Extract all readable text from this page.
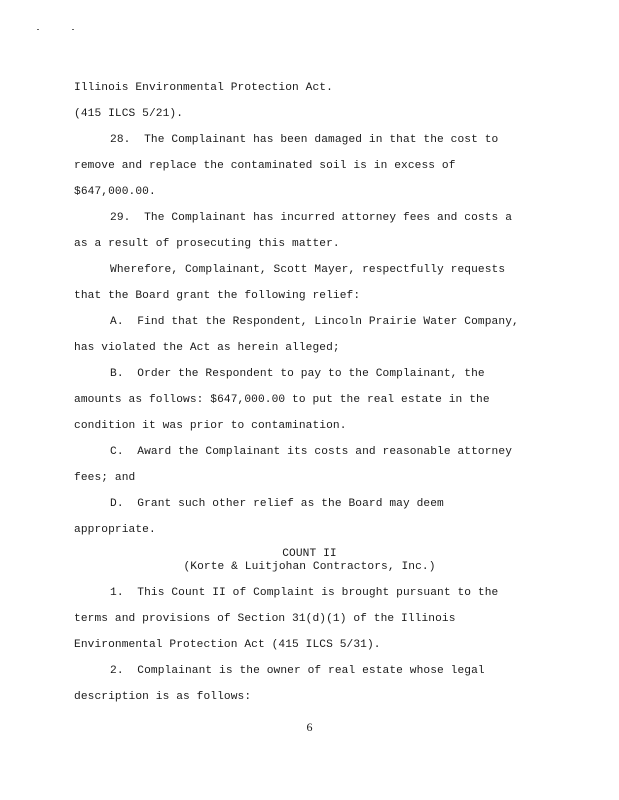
Illinois Environmental Protection Act.
(415 ILCS 5/21).
28.  The Complainant has been damaged in that the cost to
remove and replace the contaminated soil is in excess of
$647,000.00.
29.  The Complainant has incurred attorney fees and costs a
as a result of prosecuting this matter.
Wherefore, Complainant, Scott Mayer, respectfully requests
that the Board grant the following relief:
A.  Find that the Respondent, Lincoln Prairie Water Company,
has violated the Act as herein alleged;
B.  Order the Respondent to pay to the Complainant, the
amounts as follows: $647,000.00 to put the real estate in the
condition it was prior to contamination.
C.  Award the Complainant its costs and reasonable attorney
fees; and
D.  Grant such other relief as the Board may deem
appropriate.
COUNT II
(Korte & Luitjohan Contractors, Inc.)
1.  This Count II of Complaint is brought pursuant to the
terms and provisions of Section 31(d)(1) of the Illinois
Environmental Protection Act (415 ILCS 5/31).
2.  Complainant is the owner of real estate whose legal
description is as follows:
6
